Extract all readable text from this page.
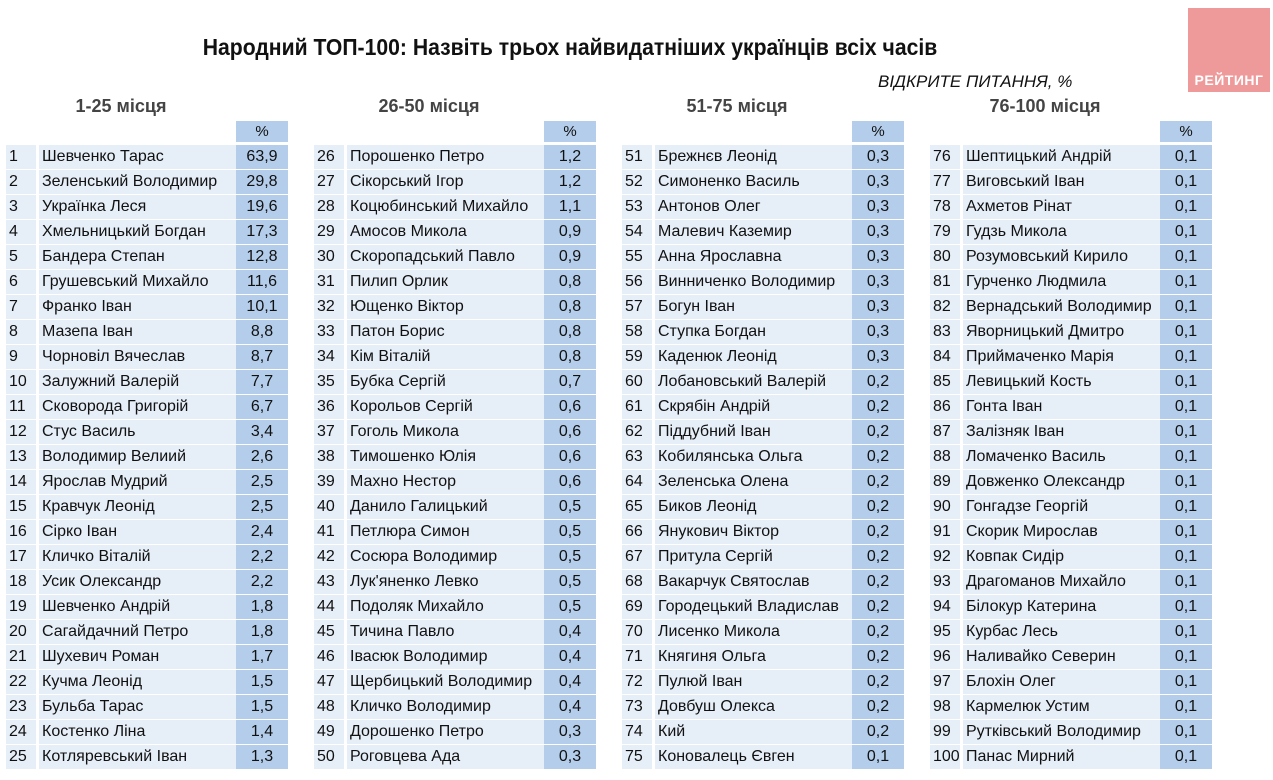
Народний ТОП-100: Назвіть трьох найвидатніших українців всіх часів
ВІДКРИТЕ ПИТАННЯ, %	РЕЙТИНГ
1-25 місця
%
1	Шевченко Тарас	63,9
2	Зеленський Володимир	29,8
3	Українка Леся	19,6
4	Хмельницький Богдан	17,3
5	Бандера Степан	12,8
6	Грушевський Михайло	11,6
7	Франко Іван	10,1
8	Мазепа Іван	8,8
9	Чорновіл Вячеслав	8,7
10 Залужний Валерій	7,7
11	Сковорода Григорій	6,7
12 Стус Василь	3,4
13 Володимир Велиий	2,6
14 Ярослав Мудрий	2,5
15 Кравчук Леонід	2,5
16 Сірко Іван	2,4
17 Кличко Віталій	2,2
18 Усик Олександр	2,2
19 Шевченко Андрій	1,8
20 Сагайдачний Петро	1,8
21 Шухевич Роман	1,7
22 Кучма Леонід	1,5
23 Бульба Тарас	1,5
24 Костенко Ліна	1,4
25 Котляревський Іван	1,3
26-50 місця
%
26 Порошенко Петро	1,2
27 Сікорський Ігор	1,2
28 Коцюбинський Михайло	1,1
29 Амосов Микола	0,9
30 Скоропадський Павло	0,9
31 Пилип Орлик	0,8
32 Ющенко Віктор	0,8
33 Патон Борис	0,8
34 Кім Віталій	0,8
35 Бубка Сергій	0,7
36 Корольов Сергій	0,6
37 Гоголь Микола	0,6
38 Тимошенко Юлія	0,6
39 Махно Нестор	0,6
40 Данило Галицький	0,5
41 Петлюра Симон	0,5
42 Сосюра Володимир	0,5
43 Лук'яненко Левко	0,5
44 Подоляк Михайло	0,5
45 Тичина Павло	0,4
46 Івасюк Володимир	0,4
47 Щербицький Володимир	0,4
48 Кличко Володимир	0,4
49 Дорошенко Петро	0,3
50 Роговцева Ада	0,3
51-75 місця
%
51 Брежнєв Леонід	0,3
52 Симоненко Василь	0,3
53 Антонов Олег	0,3
54 Малевич Каземир	0,3
55 Анна Ярославна	0,3
56 Винниченко Володимир	0,3
57 Богун Іван	0,3
58 Ступка Богдан	0,3
59 Каденюк Леонід	0,3
60 Лобановський Валерій	0,2
61 Скрябін Андрій	0,2
62 Піддубний Іван	0,2
63 Кобилянська Ольга	0,2
64 Зеленська Олена	0,2
65 Биков Леонід	0,2
66 Янукович Віктор	0,2
67 Притула Сергій	0,2
68 Вакарчук Святослав	0,2
69 Городецький Владислав	0,2
70 Лисенко Микола	0,2
71 Княгиня Ольга	0,2
72 Пулюй Іван	0,2
73 Довбуш Олекса	0,2
74 Кий	0,2
75 Коновалець Євген	0,1
76-100 місця
%
76 Шептицький Андрій	0,1
77 Виговський Іван	0,1
78 Ахметов Рінат	0,1
79 Гудзь Микола	0,1
80 Розумовський Кирило	0,1
81 Гурченко Людмила	0,1
82 Вернадський Володимир	0,1
83 Яворницький Дмитро	0,1
84 Приймаченко Марія	0,1
85 Левицький Кость	0,1
86 Гонта Іван	0,1
87 Залізняк Іван	0,1
88 Ломаченко Василь	0,1
89 Довженко Олександр	0,1
90 Гонгадзе Георгій	0,1
91 Скорик Мирослав	0,1
92 Ковпак Сидір	0,1
93 Драгоманов Михайло	0,1
94 Білокур Катерина	0,1
95 Курбас Лесь	0,1
96 Наливайко Северин	0,1
97 Блохін Олег	0,1
98 Кармелюк Устим	0,1
99 Рутківський Володимир	0,1
100 Панас Мирний	0,1
